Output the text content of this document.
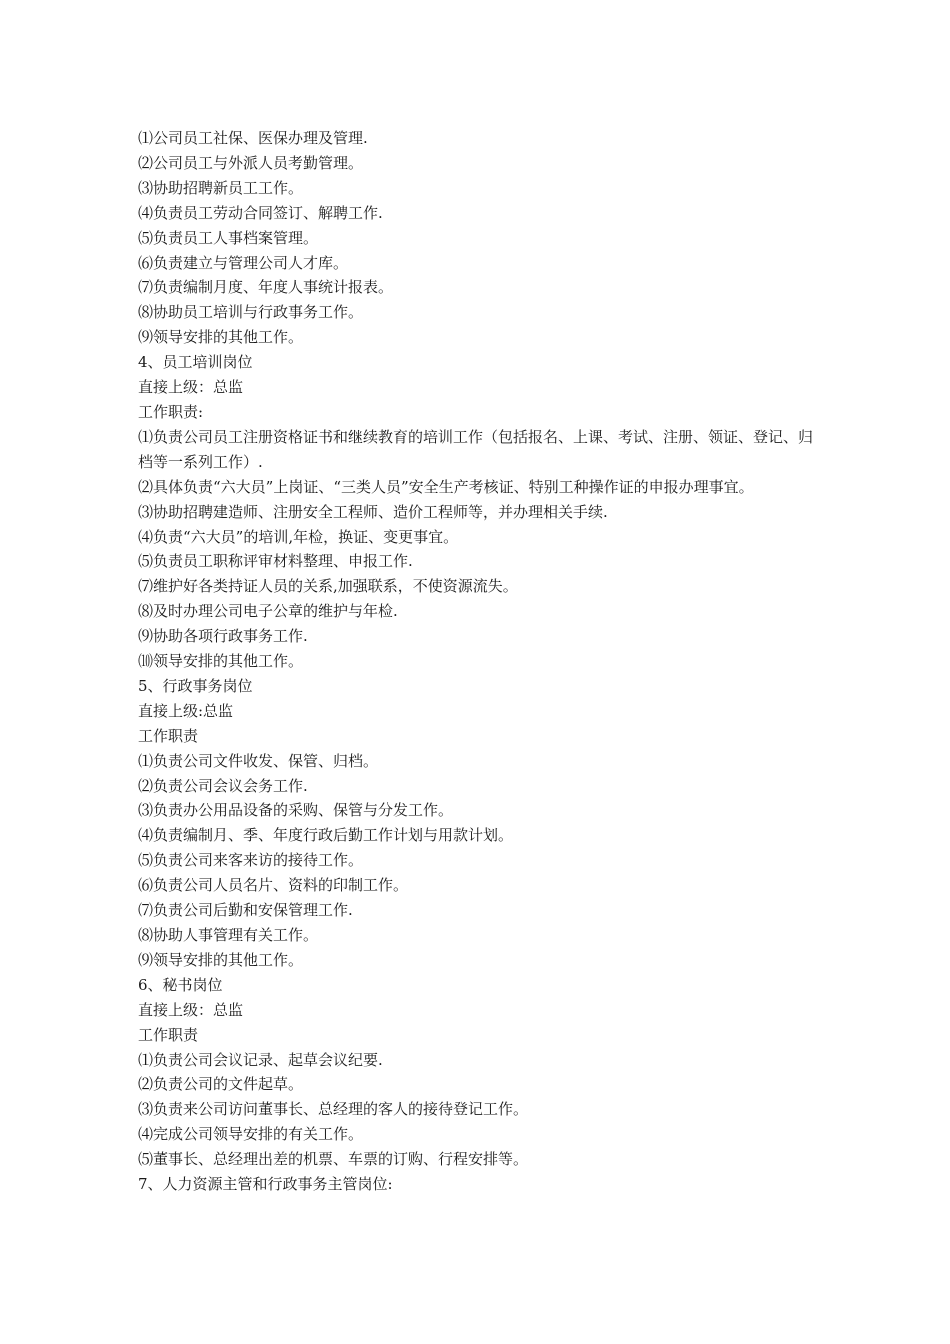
⑴公司员工社保、医保办理及管理.

⑵公司员工与外派人员考勤管理。

⑶协助招聘新员工工作。

⑷负责员工劳动合同签订、解聘工作.

⑸负责员工人事档案管理。

⑹负责建立与管理公司人才库。

⑺负责编制月度、年度人事统计报表。

⑻协助员工培训与行政事务工作。

⑼领导安排的其他工作。

4、员工培训岗位

直接上级：总监

工作职责:

⑴负责公司员工注册资格证书和继续教育的培训工作（包括报名、上课、考试、注册、领证、登记、归档等一系列工作）.

⑵具体负责“六大员”上岗证、“三类人员”安全生产考核证、特别工种操作证的申报办理事宜。

⑶协助招聘建造师、注册安全工程师、造价工程师等，并办理相关手续.

⑷负责“六大员”的培训,年检，换证、变更事宜。

⑸负责员工职称评审材料整理、申报工作.

⑺维护好各类持证人员的关系,加强联系，不使资源流失。

⑻及时办理公司电子公章的维护与年检.

⑼协助各项行政事务工作.

⑽领导安排的其他工作。

5、行政事务岗位

直接上级:总监

工作职责

⑴负责公司文件收发、保管、归档。

⑵负责公司会议会务工作.

⑶负责办公用品设备的采购、保管与分发工作。

⑷负责编制月、季、年度行政后勤工作计划与用款计划。

⑸负责公司来客来访的接待工作。

⑹负责公司人员名片、资料的印制工作。

⑺负责公司后勤和安保管理工作.

⑻协助人事管理有关工作。

⑼领导安排的其他工作。

6、秘书岗位

直接上级：总监

工作职责

⑴负责公司会议记录、起草会议纪要.

⑵负责公司的文件起草。

⑶负责来公司访问董事长、总经理的客人的接待登记工作。

⑷完成公司领导安排的有关工作。

⑸董事长、总经理出差的机票、车票的订购、行程安排等。

7、人力资源主管和行政事务主管岗位:
